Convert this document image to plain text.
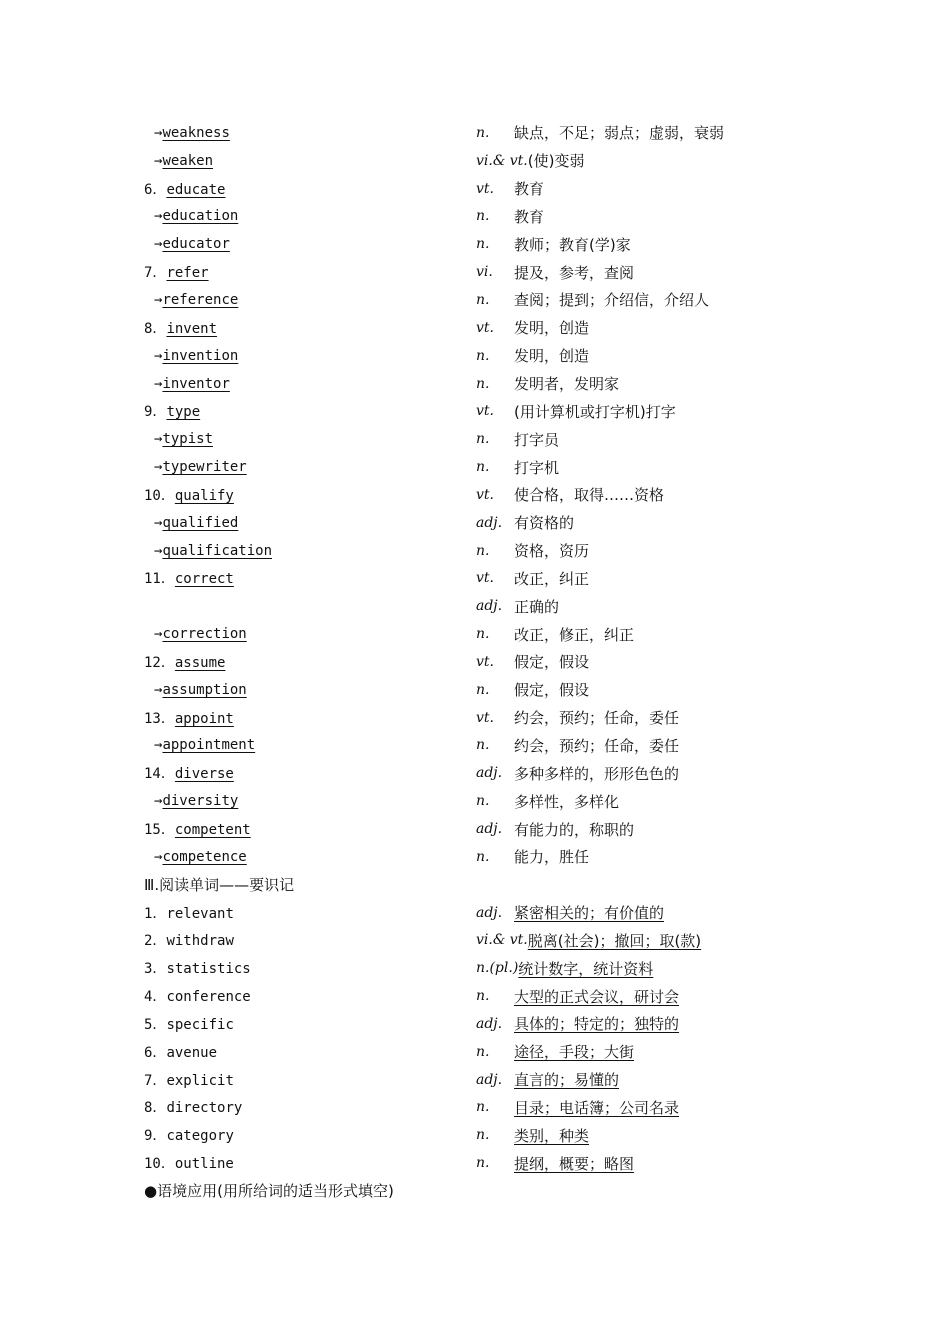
→weakness	n.	缺点，不足；弱点；虚弱，衰弱
→weaken	vi.& vt. (使)变弱
6．educate	vt.	教育
→education	n.	教育
→educator	n.	教师；教育(学)家
7．refer	vi.	提及，参考，查阅
→reference	n.	查阅；提到；介绍信，介绍人
8．invent	vt.	发明，创造
→invention	n.	发明，创造
→inventor	n.	发明者，发明家
9．type	vt.	(用计算机或打字机)打字
→typist	n.	打字员
→typewriter	n.	打字机
10．qualify	vt.	使合格，取得……资格
→qualified	adj. 有资格的
→qualification	n.	资格，资历
11．correct	vt.	改正，纠正
adj. 正确的
→correction	n.	改正，修正，纠正
12．assume	vt.	假定，假设
→assumption	n.	假定，假设
13．appoint	vt.	约会，预约；任命，委任
→appointment	n.	约会，预约；任命，委任
14．diverse	adj. 多种多样的，形形色色的
→diversity	n.	多样性，多样化
15．competent	adj. 有能力的，称职的
→competence	n.	能力，胜任
Ⅲ.阅读单词——要识记
1．relevant	adj. 紧密相关的；有价值的
2．withdraw	vi.& vt. 脱离(社会)；撤回；取(款)
3．statistics	n.(pl.) 统计数字，统计资料
4．conference	n.	大型的正式会议，研讨会
5．specific	adj. 具体的；特定的；独特的
6．avenue	n.	途径，手段；大街
7．explicit	adj. 直言的；易懂的
8．directory	n.	目录；电话簿；公司名录
9．category	n.	类别，种类
10．outline	n.	提纲，概要；略图
●语境应用(用所给词的适当形式填空)
